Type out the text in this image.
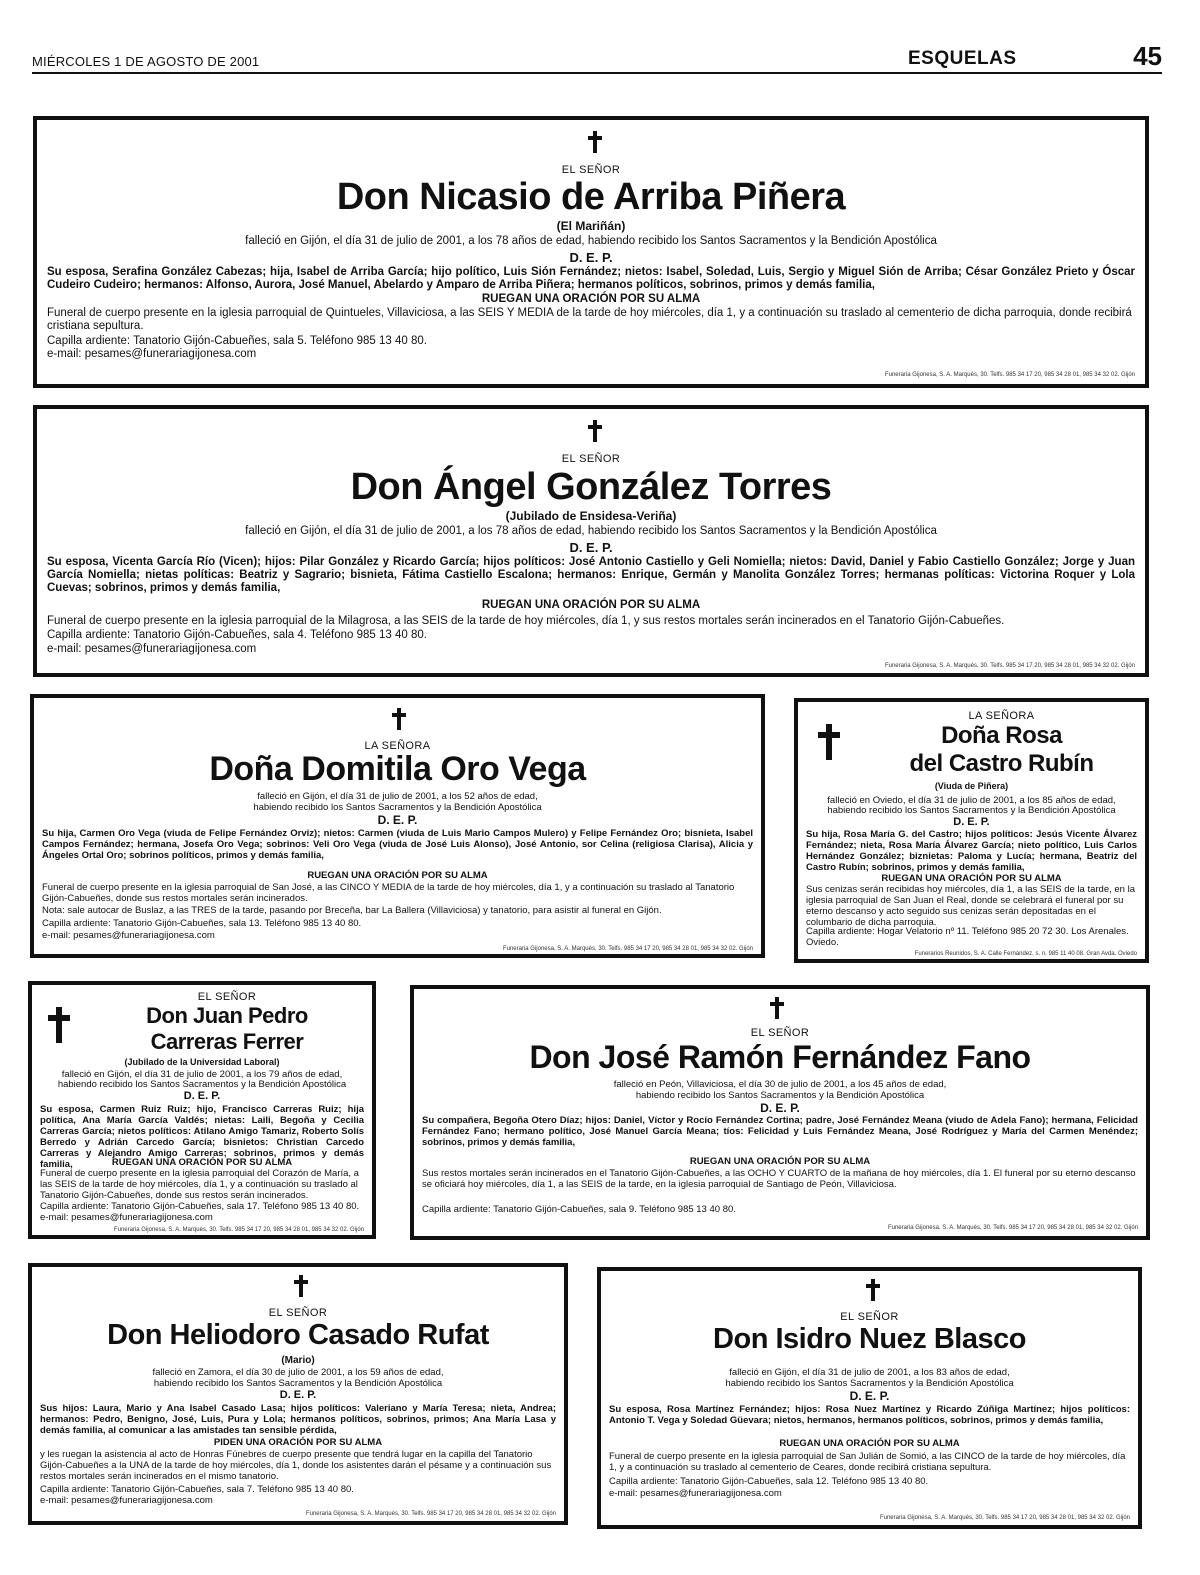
MIÉRCOLES 1 DE AGOSTO DE 2001	ESQUELAS	45
EL SEÑOR
Don Nicasio de Arriba Piñera
(El Mariñán)
falleció en Gijón, el día 31 de julio de 2001, a los 78 años de edad, habiendo recibido los Santos Sacramentos y la Bendición Apostólica
D. E. P.
Su esposa, Serafina González Cabezas; hija, Isabel de Arriba García; hijo político, Luis Sión Fernández; nietos: Isabel, Soledad, Luis, Sergio y Miguel Sión de Arriba; César González Prieto y Óscar Cudeiro Cudeiro; hermanos: Alfonso, Aurora, José Manuel, Abelardo y Amparo de Arriba Piñera; hermanos políticos, sobrinos, primos y demás familia,
RUEGAN UNA ORACIÓN POR SU ALMA
Funeral de cuerpo presente en la iglesia parroquial de Quintueles, Villaviciosa, a las SEIS Y MEDIA de la tarde de hoy miércoles, día 1, y a continuación su traslado al cementerio de dicha parroquia, donde recibirá cristiana sepultura.
Capilla ardiente: Tanatorio Gijón-Cabueñes, sala 5. Teléfono 985 13 40 80.
e-mail: pesames@funerariagijonesa.com
Funeraria Gijonesa, S. A. Marqués, 30. Telfs. 985 34 17 20, 985 34 28 01, 985 34 32 02. Gijón
EL SEÑOR
Don Ángel González Torres
(Jubilado de Ensidesa-Veriña)
falleció en Gijón, el día 31 de julio de 2001, a los 78 años de edad, habiendo recibido los Santos Sacramentos y la Bendición Apostólica
D. E. P.
Su esposa, Vicenta García Río (Vicen); hijos: Pilar González y Ricardo García; hijos políticos: José Antonio Castiello y Geli Nomiella; nietos: David, Daniel y Fabio Castiello González; Jorge y Juan García Nomiella; nietas políticas: Beatriz y Sagrario; bisnieta, Fátima Castiello Escalona; hermanos: Enrique, Germán y Manolita González Torres; hermanas políticas: Victorina Roquer y Lola Cuevas; sobrinos, primos y demás familia,
RUEGAN UNA ORACIÓN POR SU ALMA
Funeral de cuerpo presente en la iglesia parroquial de la Milagrosa, a las SEIS de la tarde de hoy miércoles, día 1, y sus restos mortales serán incinerados en el Tanatorio Gijón-Cabueñes.
Capilla ardiente: Tanatorio Gijón-Cabueñes, sala 4. Teléfono 985 13 40 80.
e-mail: pesames@funerariagijonesa.com
Funeraria Gijonesa, S. A. Marqués, 30. Telfs. 985 34 17 20, 985 34 28 01, 985 34 32 02. Gijón
LA SEÑORA
Doña Domitila Oro Vega
falleció en Gijón, el día 31 de julio de 2001, a los 52 años de edad,
habiendo recibido los Santos Sacramentos y la Bendición Apostólica
D. E. P.
Su hija, Carmen Oro Vega (viuda de Felipe Fernández Orviz); nietos: Carmen (viuda de Luis Mario Campos Mulero) y Felipe Fernández Oro; bisnieta, Isabel Campos Fernández; hermana, Josefa Oro Vega; sobrinos: Veli Oro Vega (viuda de José Luis Alonso), José Antonio, sor Celina (religiosa Clarisa), Alicia y Ángeles Ortal Oro; sobrinos políticos, primos y demás familia,
RUEGAN UNA ORACIÓN POR SU ALMA
Funeral de cuerpo presente en la iglesia parroquial de San José, a las CINCO Y MEDIA de la tarde de hoy miércoles, día 1, y a continuación su traslado al Tanatorio Gijón-Cabueñes, donde sus restos mortales serán incinerados.
Nota: sale autocar de Buslaz, a las TRES de la tarde, pasando por Breceña, bar La Ballera (Villaviciosa) y tanatorio, para asistir al funeral en Gijón.
Capilla ardiente: Tanatorio Gijón-Cabueñes, sala 13. Teléfono 985 13 40 80.
e-mail: pesames@funerariagijonesa.com
Funeraria Gijonesa, S. A. Marqués, 30. Telfs. 985 34 17 20, 985 34 28 01, 985 34 32 02. Gijón
LA SEÑORA
Doña Rosa
del Castro Rubín
(Viuda de Piñera)
falleció en Oviedo, el día 31 de julio de 2001, a los 85 años de edad,
habiendo recibido los Santos Sacramentos y la Bendición Apostólica
D. E. P.
Su hija, Rosa María G. del Castro; hijos políticos: Jesús Vicente Álvarez Fernández; nieta, Rosa María Álvarez García; nieto político, Luis Carlos Hernández González; biznietas: Paloma y Lucía; hermana, Beatriz del Castro Rubín; sobrinos, primos y demás familia,
RUEGAN UNA ORACIÓN POR SU ALMA
Sus cenizas serán recibidas hoy miércoles, día 1, a las SEIS de la tarde, en la iglesia parroquial de San Juan el Real, donde se celebrará el funeral por su eterno descanso y acto seguido sus cenizas serán depositadas en el columbario de dicha parroquia.
Capilla ardiente: Hogar Velatorio nº 11. Teléfono 985 20 72 30. Los Arenales. Oviedo.
Funerarios Reunidos, S. A. Calle Fernández, s. n. 985 11 40 08. Gran Avda. Oviedo
EL SEÑOR
Don Juan Pedro
Carreras Ferrer
(Jubilado de la Universidad Laboral)
falleció en Gijón, el día 31 de julio de 2001, a los 79 años de edad,
habiendo recibido los Santos Sacramentos y la Bendición Apostólica
D. E. P.
Su esposa, Carmen Ruiz Ruiz; hijo, Francisco Carreras Ruiz; hija política, Ana María García Valdés; nietas: Laili, Begoña y Cecilia Carreras García; nietos políticos: Atilano Amigo Tamariz, Roberto Solís Berredo y Adrián Carcedo García; bisnietos: Christian Carcedo Carreras y Alejandro Amigo Carreras; sobrinos, primos y demás familia,	RUEGAN UNA ORACIÓN POR SU ALMA
Funeral de cuerpo presente en la iglesia parroquial del Corazón de María, a las SEIS de la tarde de hoy miércoles, día 1, y a continuación su traslado al Tanatorio Gijón-Cabueñes, donde sus restos serán incinerados.
Capilla ardiente: Tanatorio Gijón-Cabueñes, sala 17. Teléfono 985 13 40 80.
e-mail: pesames@funerariagijonesa.com
Funeraria Gijonesa, S. A. Marqués, 30. Telfs. 985 34 17 20, 985 34 28 01, 985 34 32 02. Gijón
EL SEÑOR
Don José Ramón Fernández Fano
falleció en Peón, Villaviciosa, el día 30 de julio de 2001, a los 45 años de edad,
habiendo recibido los Santos Sacramentos y la Bendición Apostólica
D. E. P.
Su compañera, Begoña Otero Díaz; hijos: Daniel, Víctor y Rocío Fernández Cortina; padre, José Fernández Meana (viudo de Adela Fano); hermana, Felicidad Fernández Fano; hermano político, José Manuel García Meana; tíos: Felicidad y Luis Fernández Meana, José Rodríguez y María del Carmen Menéndez; sobrinos, primos y demás familia,
RUEGAN UNA ORACIÓN POR SU ALMA
Sus restos mortales serán incinerados en el Tanatorio Gijón-Cabueñes, a las OCHO Y CUARTO de la mañana de hoy miércoles, día 1. El funeral por su eterno descanso se oficiará hoy miércoles, día 1, a las SEIS de la tarde, en la iglesia parroquial de Santiago de Peón, Villaviciosa.
Capilla ardiente: Tanatorio Gijón-Cabueñes, sala 9. Teléfono 985 13 40 80.
Funeraria Gijonesa, S. A. Marqués, 30. Telfs. 985 34 17 20, 985 34 28 01, 985 34 32 02. Gijón
EL SEÑOR
Don Heliodoro Casado Rufat
(Mario)
falleció en Zamora, el día 30 de julio de 2001, a los 59 años de edad,
habiendo recibido los Santos Sacramentos y la Bendición Apostólica
D. E. P.
Sus hijos: Laura, Mario y Ana Isabel Casado Lasa; hijos políticos: Valeriano y María Teresa; nieta, Andrea; hermanos: Pedro, Benigno, José, Luis, Pura y Lola; hermanos políticos, sobrinos, primos; Ana María Lasa y demás familia, al comunicar a las amistades tan sensible pérdida,
PIDEN UNA ORACIÓN POR SU ALMA
y les ruegan la asistencia al acto de Honras Fúnebres de cuerpo presente que tendrá lugar en la capilla del Tanatorio Gijón-Cabueñes a la UNA de la tarde de hoy miércoles, día 1, donde los asistentes darán el pésame y a continuación sus restos mortales serán incinerados en el mismo tanatorio.
Capilla ardiente: Tanatorio Gijón-Cabueñes, sala 7. Teléfono 985 13 40 80.
e-mail: pesames@funerariagijonesa.com
Funeraria Gijonesa, S. A. Marqués, 30. Telfs. 985 34 17 20, 985 34 28 01, 985 34 32 02. Gijón
EL SEÑOR
Don Isidro Nuez Blasco
falleció en Gijón, el día 31 de julio de 2001, a los 83 años de edad,
habiendo recibido los Santos Sacramentos y la Bendición Apostólica
D. E. P.
Su esposa, Rosa Martínez Fernández; hijos: Rosa Nuez Martínez y Ricardo Zúñiga Martínez; hijos políticos: Antonio T. Vega y Soledad Güevara; nietos, hermanos, hermanos políticos, sobrinos, primos y demás familia,
RUEGAN UNA ORACIÓN POR SU ALMA
Funeral de cuerpo presente en la iglesia parroquial de San Julián de Somió, a las CINCO de la tarde de hoy miércoles, día 1, y a continuación su traslado al cementerio de Ceares, donde recibirá cristiana sepultura.
Capilla ardiente: Tanatorio Gijón-Cabueñes, sala 12. Teléfono 985 13 40 80.
e-mail: pesames@funerariagijonesa.com
Funeraria Gijonesa, S. A. Marqués, 30. Telfs. 985 34 17 20, 985 34 28 01, 985 34 32 02. Gijón
